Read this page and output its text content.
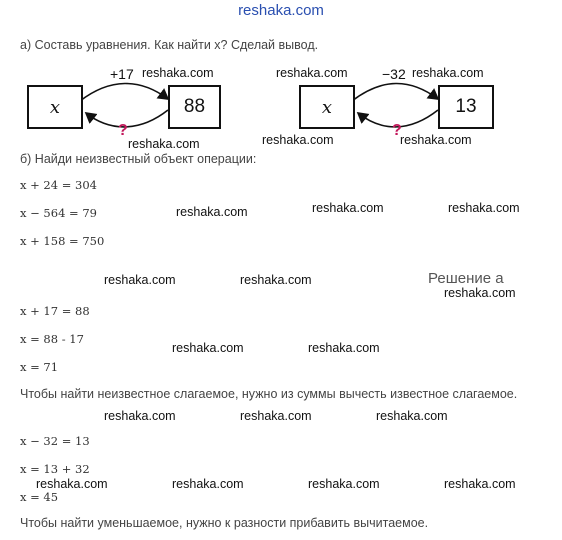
reshaka.com
а) Составь уравнения. Как найти x? Сделай вывод.
x	88
+17
?
x	13
−32
?
б) Найди неизвестный объект операции:
x + 24 = 304
x − 564 = 79
x + 158 = 750
Решение а
x + 17 = 88
x = 88 - 17
x = 71
Чтобы найти неизвестное слагаемое, нужно из суммы вычесть известное слагаемое.
x − 32 = 13
x = 13 + 32
x = 45
Чтобы найти уменьшаемое, нужно к разности прибавить вычитаемое.
reshaka.com	reshaka.com	reshaka.com
reshaka.com	reshaka.com	reshaka.com
reshaka.com	reshaka.com	reshaka.com
reshaka.com	reshaka.com
reshaka.com
reshaka.com	reshaka.com
reshaka.com	reshaka.com	reshaka.com
reshaka.com	reshaka.com	reshaka.com	reshaka.com
